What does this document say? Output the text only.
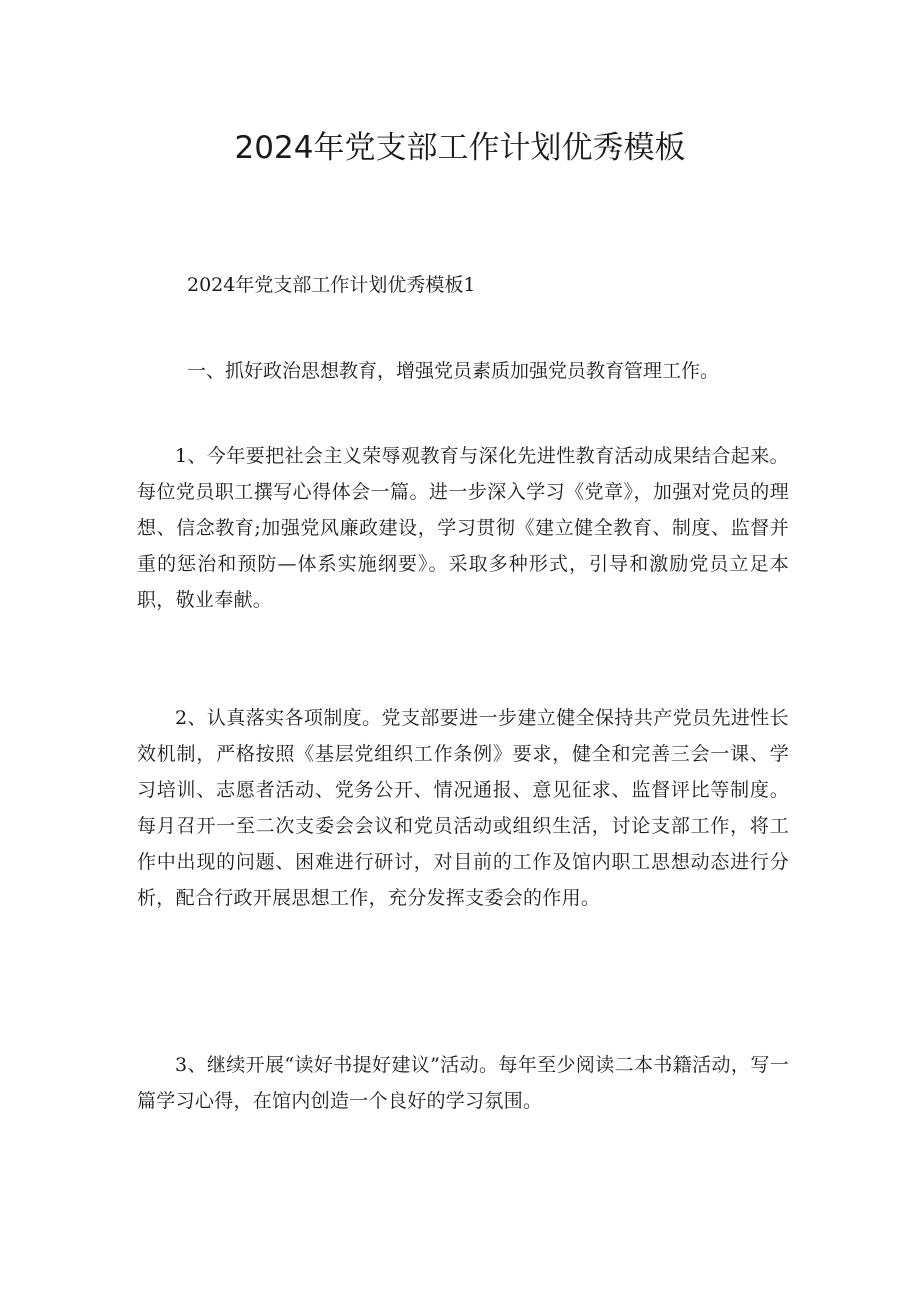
2024年党支部工作计划优秀模板

2024年党支部工作计划优秀模板1

一、抓好政治思想教育，增强党员素质加强党员教育管理工作。

1、今年要把社会主义荣辱观教育与深化先进性教育活动成果结合起来。每位党员职工撰写心得体会一篇。进一步深入学习《党章》，加强对党员的理想、信念教育;加强党风廉政建设，学习贯彻《建立健全教育、制度、监督并重的惩治和预防—体系实施纲要》。采取多种形式，引导和激励党员立足本职，敬业奉献。

2、认真落实各项制度。党支部要进一步建立健全保持共产党员先进性长效机制，严格按照《基层党组织工作条例》要求，健全和完善三会一课、学习培训、志愿者活动、党务公开、情况通报、意见征求、监督评比等制度。每月召开一至二次支委会会议和党员活动或组织生活，讨论支部工作，将工作中出现的问题、困难进行研讨，对目前的工作及馆内职工思想动态进行分析，配合行政开展思想工作，充分发挥支委会的作用。

3、继续开展“读好书提好建议”活动。每年至少阅读二本书籍活动，写一篇学习心得，在馆内创造一个良好的学习氛围。
